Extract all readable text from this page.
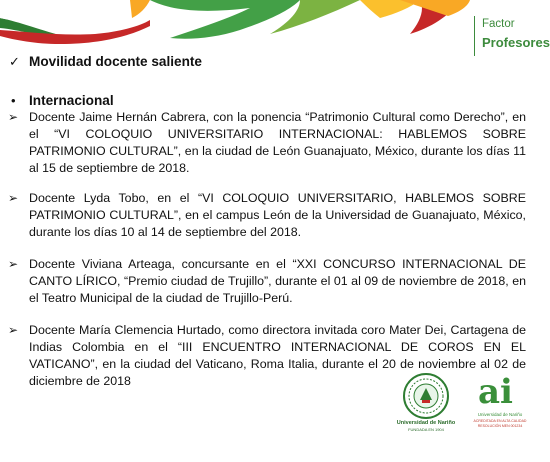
Factor
Profesores
✓ Movilidad docente saliente
• Internacional
➢ Docente Jaime Hernán Cabrera, con la ponencia “Patrimonio Cultural como Derecho”, en el “VI COLOQUIO UNIVERSITARIO INTERNACIONAL: HABLEMOS SOBRE PATRIMONIO CULTURAL”, en la ciudad de León Guanajuato, México, durante los días 11 al 15 de septiembre de 2018.
➢ Docente Lyda Tobo, en el “VI COLOQUIO UNIVERSITARIO, HABLEMOS SOBRE PATRIMONIO CULTURAL”, en el campus León de la Universidad de Guanajuato, México, durante los días 10 al 14 de septiembre del 2018.
➢ Docente Viviana Arteaga, concursante en el “XXI CONCURSO INTERNACIONAL DE CANTO LÍRICO, “Premio ciudad de Trujillo”, durante el 01 al 09 de noviembre de 2018, en el Teatro Municipal de la ciudad de Trujillo-Perú.
➢ Docente María Clemencia Hurtado, como directora invitada coro Mater Dei, Cartagena de Indias Colombia en el “III ENCUENTRO INTERNACIONAL DE COROS EN EL VATICANO”, en la ciudad del Vaticano, Roma Italia, durante el 20 de noviembre al 02 de diciembre de 2018
Universidad de Nariño
FUNDADA EN 1904
ai
Universidad de Nariño
ACREDITADA EN ALTA CALIDAD
RESOLUCIÓN MEN 001234
